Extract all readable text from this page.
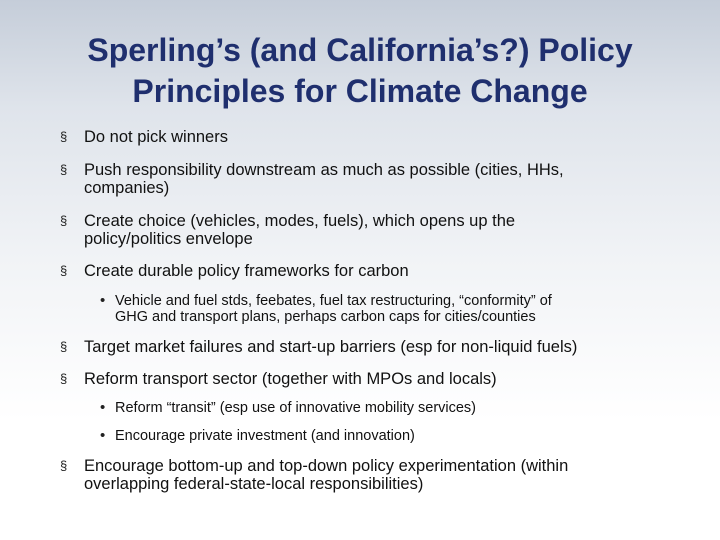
Sperling’s (and California’s?) Policy
Principles for Climate Change
§	Do not pick winners
§	Push responsibility downstream as much as possible (cities, HHs,
companies)
§	Create choice (vehicles, modes, fuels), which opens up the
policy/politics envelope
§	Create durable policy frameworks for carbon
• Vehicle and fuel stds, feebates, fuel tax restructuring, “conformity” of
GHG and transport plans, perhaps carbon caps for cities/counties
§	Target market failures and start-up barriers (esp for non-liquid fuels)
§	Reform transport sector (together with MPOs and locals)
• Reform “transit” (esp use of innovative mobility services)
• Encourage private investment (and innovation)
§	Encourage bottom-up and top-down policy experimentation (within
overlapping federal-state-local responsibilities)
